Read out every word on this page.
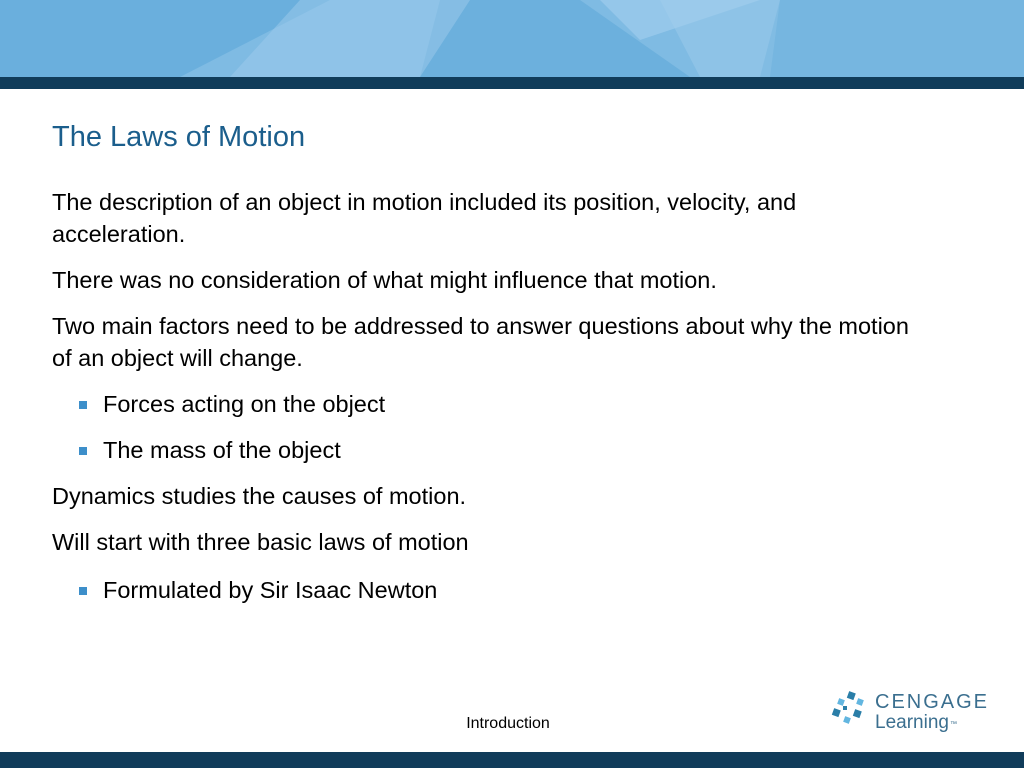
The Laws of Motion

The description of an object in motion included its position, velocity, and acceleration.

There was no consideration of what might influence that motion.

Two main factors need to be addressed to answer questions about why the motion of an object will change.

Forces acting on the object
The mass of the object

Dynamics studies the causes of motion.

Will start with three basic laws of motion

Formulated by Sir Isaac Newton
Introduction
CENGAGE
Learning™
